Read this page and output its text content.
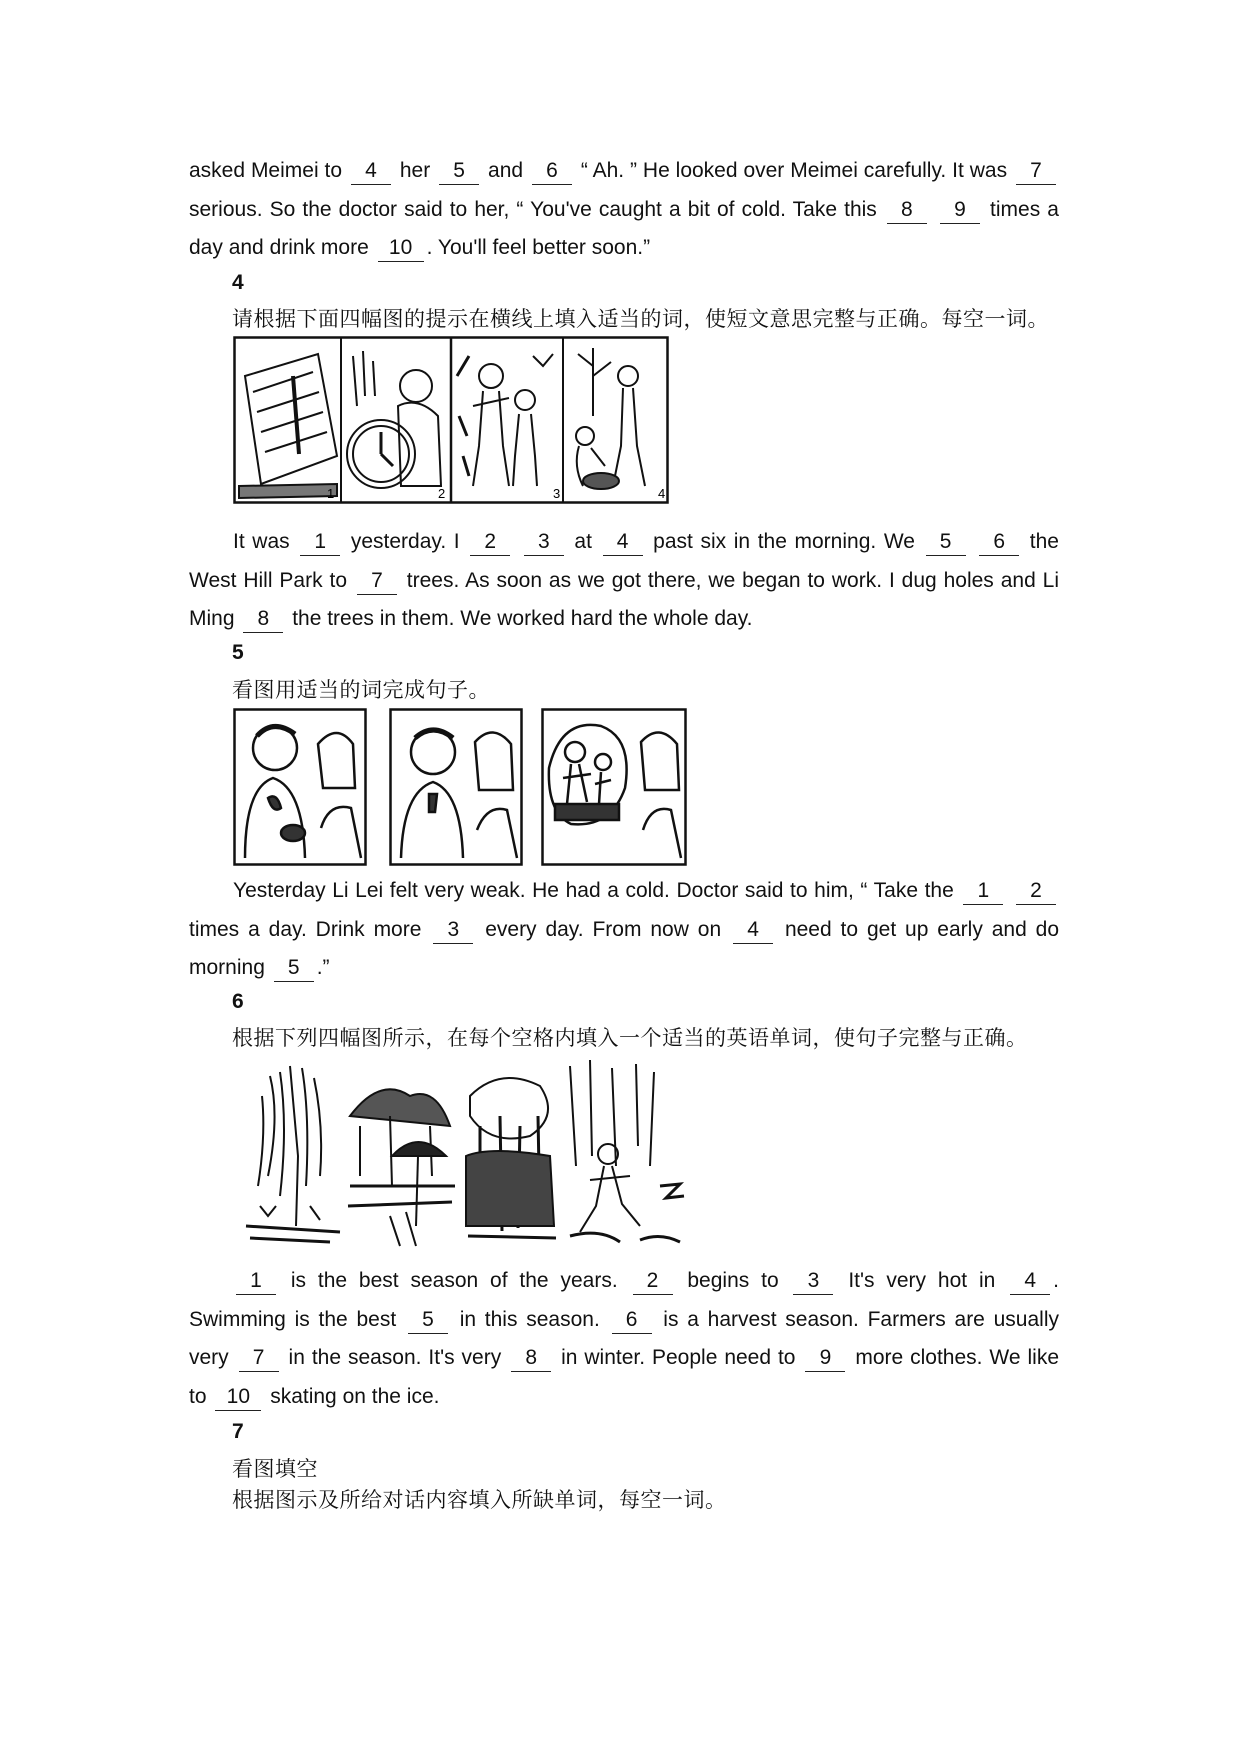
asked Meimei to 4 her 5 and 6 “ Ah. ” He looked over Meimei carefully. It was 7 serious. So the doctor said to her, “ You've caught a bit of cold. Take this 8 9 times a day and drink more 10 . You'll feel better soon.”
4
请根据下面四幅图的提示在横线上填入适当的词，使短文意思完整与正确。每空一词。
1	2	3	4
It was 1 yesterday. I 2 3 at 4 past six in the morning. We 5 6 the West Hill Park to 7 trees. As soon as we got there, we began to work. I dug holes and Li Ming 8 the trees in them. We worked hard the whole day.
5
看图用适当的词完成句子。
Yesterday Li Lei felt very weak. He had a cold. Doctor said to him, “ Take the 1 2 times a day. Drink more 3 every day. From now on 4 need to get up early and do morning 5 .”
6
根据下列四幅图所示，在每个空格内填入一个适当的英语单词，使句子完整与正确。
1 is the best season of the years. 2 begins to 3 It's very hot in 4 . Swimming is the best 5 in this season. 6 is a harvest season. Farmers are usually very 7 in the season. It's very 8 in winter. People need to 9 more clothes. We like to 10 skating on the ice.
7
看图填空
根据图示及所给对话内容填入所缺单词，每空一词。
